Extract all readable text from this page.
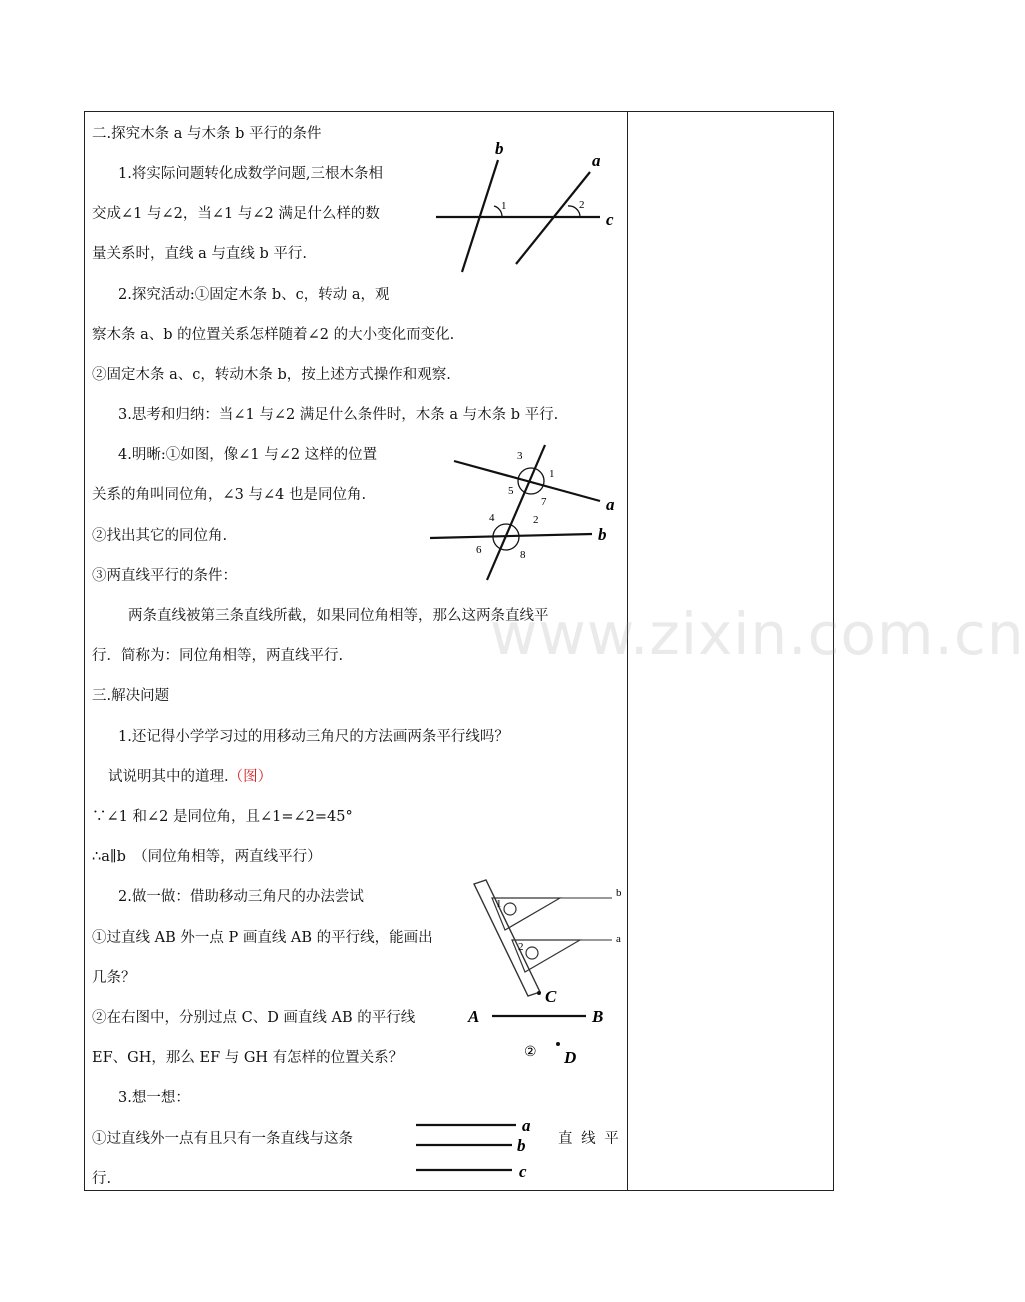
www.zixin.com.cn
二.探究木条 a 与木条 b 平行的条件
1.将实际问题转化成数学问题,三根木条相
交成∠1 与∠2，当∠1 与∠2 满足什么样的数
量关系时，直线 a 与直线 b 平行.
2.探究活动:①固定木条 b、c，转动 a，观
察木条 a、b 的位置关系怎样随着∠2 的大小变化而变化.
②固定木条 a、c，转动木条 b，按上述方式操作和观察.
3.思考和归纳：当∠1 与∠2 满足什么条件时，木条 a 与木条 b 平行.
4.明晰:①如图，像∠1 与∠2 这样的位置
关系的角叫同位角，∠3 与∠4 也是同位角.
②找出其它的同位角.
③两直线平行的条件：
两条直线被第三条直线所截，如果同位角相等，那么这两条直线平
行．简称为：同位角相等，两直线平行.
三.解决问题
1.还记得小学学习过的用移动三角尺的方法画两条平行线吗？
试说明其中的道理.（图）
∵∠1 和∠2 是同位角，且∠1=∠2=45°
∴a∥b　（同位角相等，两直线平行）
2.做一做：借助移动三角尺的办法尝试
①过直线 AB 外一点 P 画直线 AB 的平行线，能画出
几条？
②在右图中，分别过点 C、D 画直线 AB 的平行线
EF、GH，那么 EF 与 GH 有怎样的位置关系？
3.想一想：
①过直线外一点有且只有一条直线与这条	直 线 平
行.
b
a
c
1	2
3
1
5
7	a
4	2
6	8
b
b
a
1
2
C
A	B
D
②
a
b
c
